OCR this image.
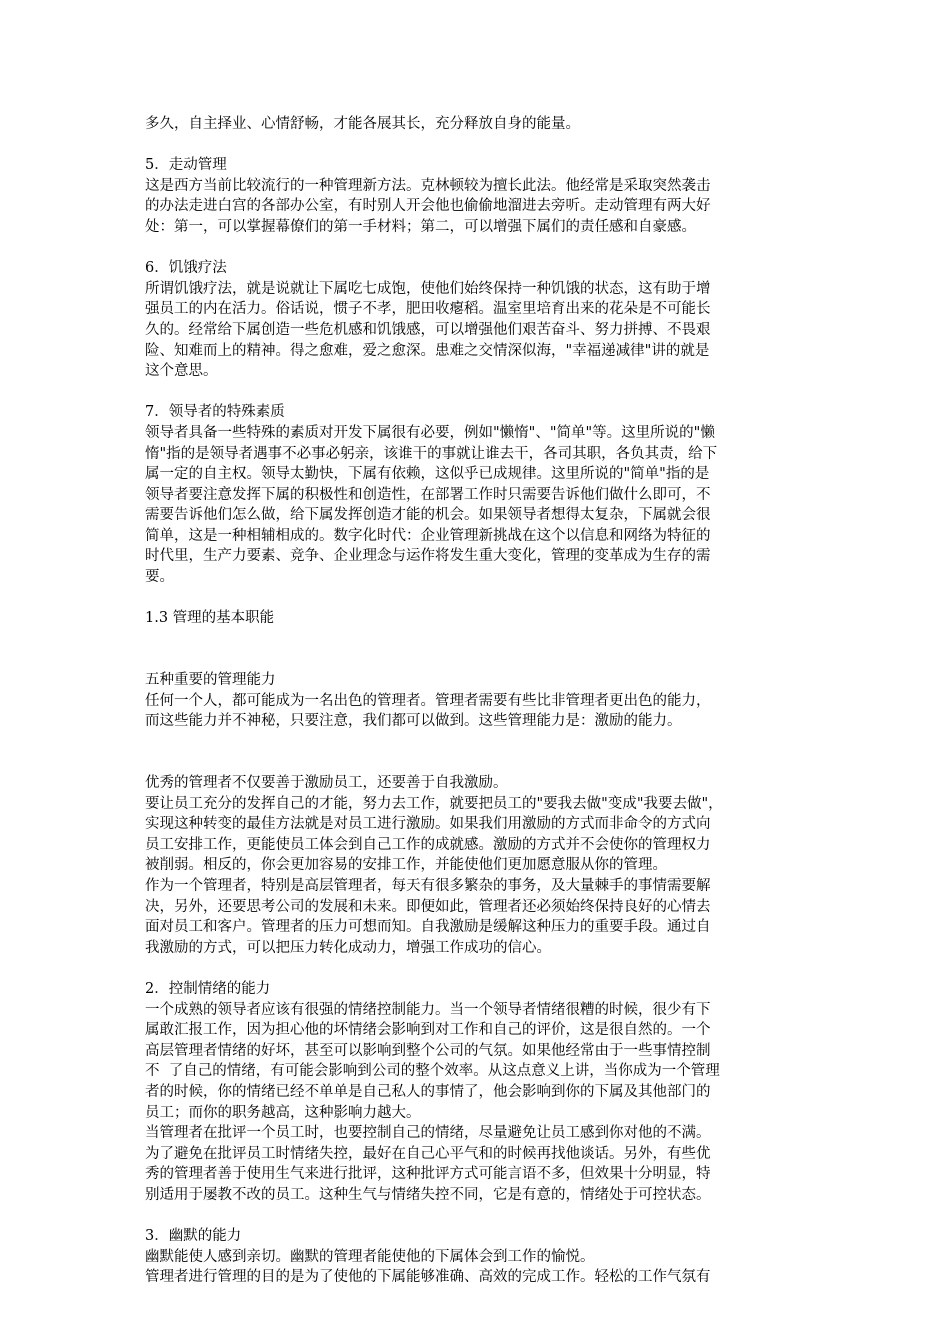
多久，自主择业、心情舒畅，才能各展其长，充分释放自身的能量。
5．走动管理
这是西方当前比较流行的一种管理新方法。克林顿较为擅长此法。他经常是采取突然袭击
的办法走进白宫的各部办公室，有时别人开会他也偷偷地溜进去旁听。走动管理有两大好
处：第一，可以掌握幕僚们的第一手材料；第二，可以增强下属们的责任感和自豪感。
6．饥饿疗法
所谓饥饿疗法，就是说就让下属吃七成饱，使他们始终保持一种饥饿的状态，这有助于增
强员工的内在活力。俗话说，惯子不孝，肥田收瘪稻。温室里培育出来的花朵是不可能长
久的。经常给下属创造一些危机感和饥饿感，可以增强他们艰苦奋斗、努力拼搏、不畏艰
险、知难而上的精神。得之愈难，爱之愈深。患难之交情深似海，"幸福递减律"讲的就是
这个意思。
7．领导者的特殊素质
领导者具备一些特殊的素质对开发下属很有必要，例如"懒惰"、"简单"等。这里所说的"懒
惰"指的是领导者遇事不必事必躬亲，该谁干的事就让谁去干，各司其职，各负其责，给下
属一定的自主权。领导太勤快，下属有依赖，这似乎已成规律。这里所说的"简单"指的是
领导者要注意发挥下属的积极性和创造性，在部署工作时只需要告诉他们做什么即可，不
需要告诉他们怎么做，给下属发挥创造才能的机会。如果领导者想得太复杂，下属就会很
简单，这是一种相辅相成的。数字化时代：企业管理新挑战在这个以信息和网络为特征的
时代里，生产力要素、竞争、企业理念与运作将发生重大变化，管理的变革成为生存的需
要。
1.3 管理的基本职能
五种重要的管理能力
任何一个人，都可能成为一名出色的管理者。管理者需要有些比非管理者更出色的能力，
而这些能力并不神秘，只要注意，我们都可以做到。这些管理能力是：激励的能力。
优秀的管理者不仅要善于激励员工，还要善于自我激励。
要让员工充分的发挥自己的才能，努力去工作，就要把员工的"要我去做"变成"我要去做"，
实现这种转变的最佳方法就是对员工进行激励。如果我们用激励的方式而非命令的方式向
员工安排工作，更能使员工体会到自己工作的成就感。激励的方式并不会使你的管理权力
被削弱。相反的，你会更加容易的安排工作，并能使他们更加愿意服从你的管理。
作为一个管理者，特别是高层管理者，每天有很多繁杂的事务，及大量棘手的事情需要解
决，另外，还要思考公司的发展和未来。即便如此，管理者还必须始终保持良好的心情去
面对员工和客户。管理者的压力可想而知。自我激励是缓解这种压力的重要手段。通过自
我激励的方式，可以把压力转化成动力，增强工作成功的信心。
2．控制情绪的能力
一个成熟的领导者应该有很强的情绪控制能力。当一个领导者情绪很糟的时候，很少有下
属敢汇报工作，因为担心他的坏情绪会影响到对工作和自己的评价，这是很自然的。一个
高层管理者情绪的好坏，甚至可以影响到整个公司的气氛。如果他经常由于一些事情控制
不  了自己的情绪，有可能会影响到公司的整个效率。从这点意义上讲，当你成为一个管理
者的时候，你的情绪已经不单单是自己私人的事情了，他会影响到你的下属及其他部门的
员工；而你的职务越高，这种影响力越大。
当管理者在批评一个员工时，也要控制自己的情绪，尽量避免让员工感到你对他的不满。
为了避免在批评员工时情绪失控，最好在自己心平气和的时候再找他谈话。另外，有些优
秀的管理者善于使用生气来进行批评，这种批评方式可能言语不多，但效果十分明显，特
别适用于屡教不改的员工。这种生气与情绪失控不同，它是有意的，情绪处于可控状态。
3．幽默的能力
幽默能使人感到亲切。幽默的管理者能使他的下属体会到工作的愉悦。
管理者进行管理的目的是为了使他的下属能够准确、高效的完成工作。轻松的工作气氛有
